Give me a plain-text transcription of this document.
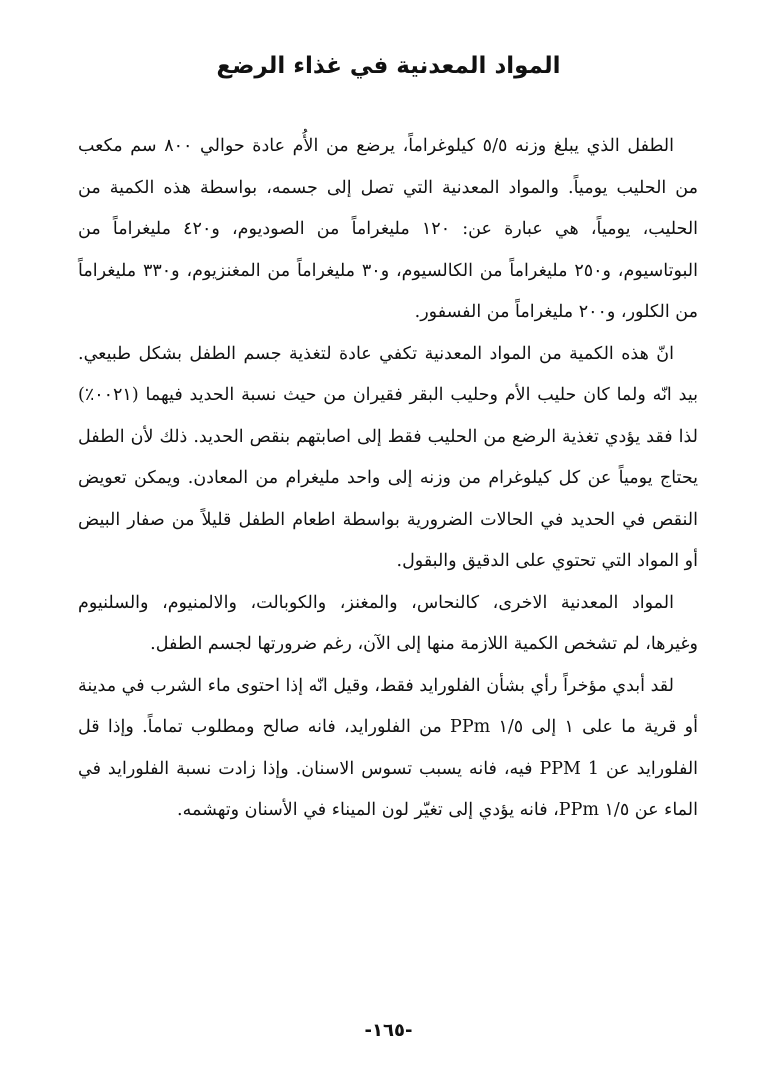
المواد المعدنية في غذاء الرضع

الطفل الذي يبلغ وزنه ٥/٥ كيلوغراماً، يرضع من الأُم عادة حوالي ٨٠٠ سم مكعب من الحليب يومياً. والمواد المعدنية التي تصل إلى جسمه، بواسطة هذه الكمية من الحليب، يومياً، هي عبارة عن: ١٢٠ مليغراماً من الصوديوم، و٤٢٠ مليغراماً من البوتاسيوم، و٢٥٠ مليغراماً من الكالسيوم، و٣٠ مليغراماً من المغنزيوم، و٣٣٠ مليغراماً من الكلور، و٢٠٠ مليغراماً من الفسفور.

انّ هذه الكمية من المواد المعدنية تكفي عادة لتغذية جسم الطفل بشكل طبيعي. بيد انّه ولما كان حليب الأم وحليب البقر فقيران من حيث نسبة الحديد فيهما (٠٠٢١٪) لذا فقد يؤدي تغذية الرضع من الحليب فقط إلى اصابتهم بنقص الحديد. ذلك لأن الطفل يحتاج يومياً عن كل كيلوغرام من وزنه إلى واحد مليغرام من المعادن. ويمكن تعويض النقص في الحديد في الحالات الضرورية بواسطة اطعام الطفل قليلاً من صفار البيض أو المواد التي تحتوي على الدقيق والبقول.

المواد المعدنية الاخرى، كالنحاس، والمغنز، والكوبالت، والالمنيوم، والسلنيوم وغيرها، لم تشخص الكمية اللازمة منها إلى الآن، رغم ضرورتها لجسم الطفل.

لقد أبدي مؤخراً رأي بشأن الفلوراید فقط، وقیل انّه إذا احتوى ماء الشرب في مدينة أو قرية ما على ١ إلى ١/٥ PPm من الفلوراید، فانه صالح ومطلوب تماماً. وإذا قل الفلوراید عن PPM 1 فيه، فانه يسبب تسوس الاسنان. وإذا زادت نسبة الفلوراید في الماء عن ١/٥ PPm، فانه يؤدي إلى تغيّر لون الميناء في الأسنان وتهشمه.

-١٦٥-
